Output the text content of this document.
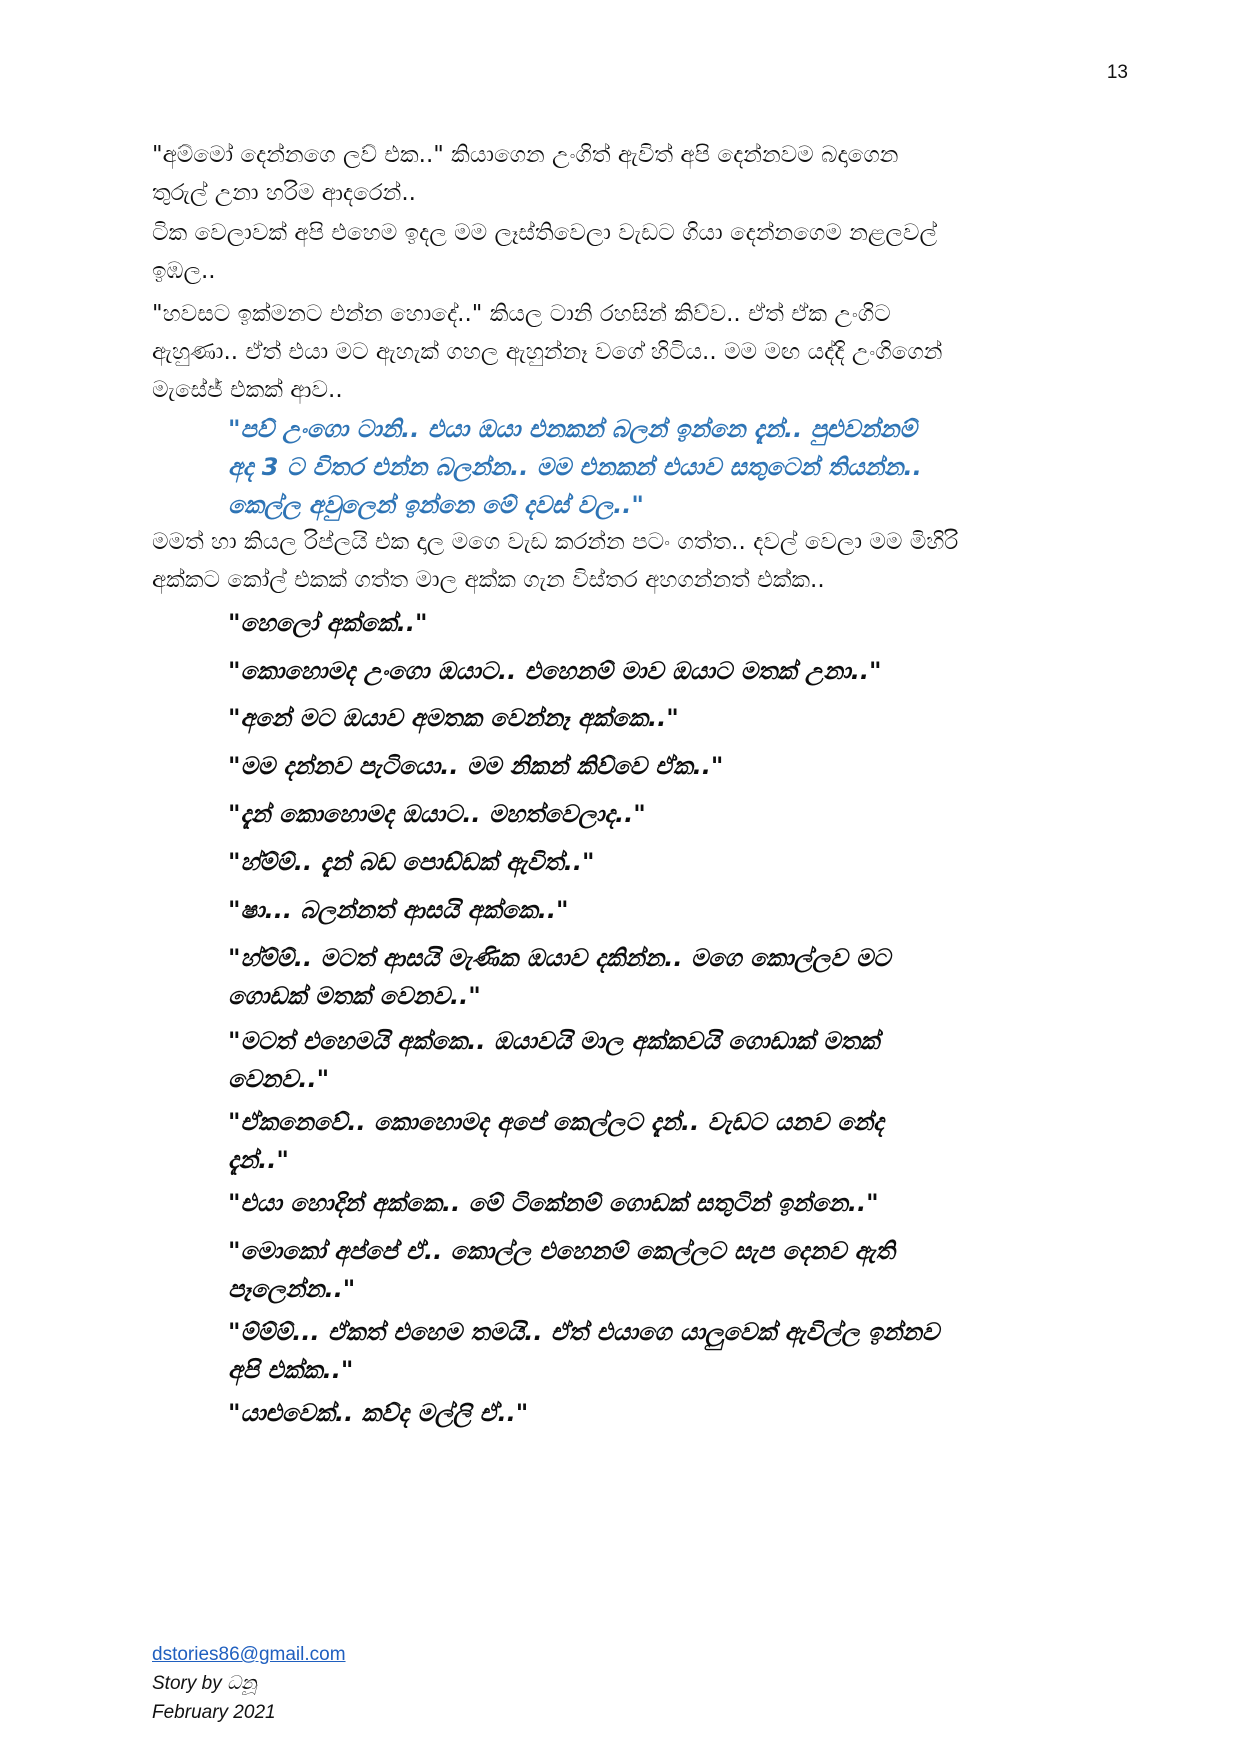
13

"අම්මෝ දෙන්නගෙ ලව් එක.." කියාගෙන උංගිත් ඇවිත් අපි දෙන්නවම බදාගෙන
තුරුල් උනා හරිම ආදරෙන්..

ටික වෙලාවක් අපි එහෙම ඉදල මම ලෑස්තිවෙලා වැඩට ගියා දෙන්නගෙම නළලවල්
ඉඹල..

"හවසට ඉක්මනට එන්න හොදේ.." කියල ටානි රහසින් කිව්ව.. ඒත් ඒක උංගිට
ඇහුණා.. ඒත් එයා මට ඇහැක් ගහල ඇහුන්නෑ වගේ හිටිය.. මම මඟ යද්දි උංගිගෙන්
මැසේජ් එකක් ආව..

"පව් උංගො ටානි.. එයා ඔයා එනකන් බලන් ඉන්නෙ දැන්.. පුළුවන්නම්
අද 3 ට විතර එන්න බලන්න.. මම එනකන් එයාව සතුටෙන් තියන්න..
කෙල්ල අවුලෙන් ඉන්නෙ මේ දවස් වල.."

මමත් හා කියල රිප්ලයි එක දාල මගෙ වැඩ කරන්න පටං ගත්ත.. දවල් වෙලා මම මිහිරි
අක්කට කෝල් එකක් ගත්ත මාල අක්ක ගැන විස්තර අහගන්නත් එක්ක..

"හෙලෝ අක්කේ.."

"කොහොමද උංගො ඔයාට.. එහෙනම් මාව ඔයාට මතක් උනා.."

"අනේ මට ඔයාව අමතක වෙන්නෑ අක්කෙ.."

"මම දන්නව පැටියො.. මම නිකන් කිව්වෙ ඒක.."

"දැන් කොහොමද ඔයාට.. මහත්වෙලාද.."

"හ්ම්ම්.. දැන් බඩ පොඩ්ඩක් ඇවිත්.."

"ෂා... බලන්නත් ආසයි අක්කෙ.."

"හ්ම්ම්.. මටත් ආසයි මැණික ඔයාව දකින්න.. මගෙ කොල්ලව මට
ගොඩක් මතක් වෙනව.."

"මටත් එහෙමයි අක්කෙ.. ඔයාවයි මාල අක්කවයි ගොඩාක් මතක්
වෙනව.."

"ඒකනෙවේ.. කොහොමද අපේ කෙල්ලට දැන්.. වැඩට යනව නේද
දැන්.."

"එයා හොදින් අක්කෙ.. මේ ටිකේනම් ගොඩක් සතුටින් ඉන්නෙ.."

"මොකෝ අප්පේ ඒ.. කොල්ල එහෙනම් කෙල්ලට සැප දෙනව ඇති
පෑලෙන්න.."

"ම්ම්ම්... ඒකත් එහෙම තමයි.. ඒත් එයාගෙ යාලුවෙක් ඇවිල්ල ඉන්නව
අපි එක්ක.."

"යාළුවෙක්.. කව්ද මල්ලි ඒ.."

dstories86@gmail.com
Story by ධනූ
February 2021
